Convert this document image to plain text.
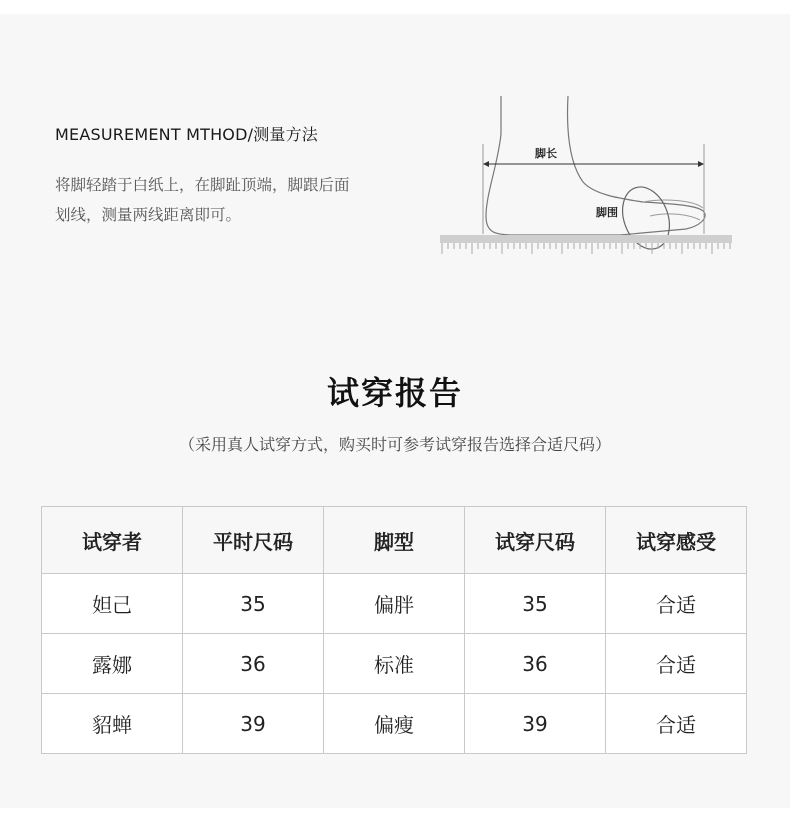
MEASUREMENT MTHOD/测量方法
将脚轻踏于白纸上，在脚趾顶端，脚跟后面
划线，测量两线距离即可。
脚长
脚围
试穿报告
（采用真人试穿方式，购买时可参考试穿报告选择合适尺码）
试穿者	平时尺码	脚型	试穿尺码	试穿感受
妲己	35	偏胖	35	合适
露娜	36	标准	36	合适
貂蝉	39	偏瘦	39	合适
